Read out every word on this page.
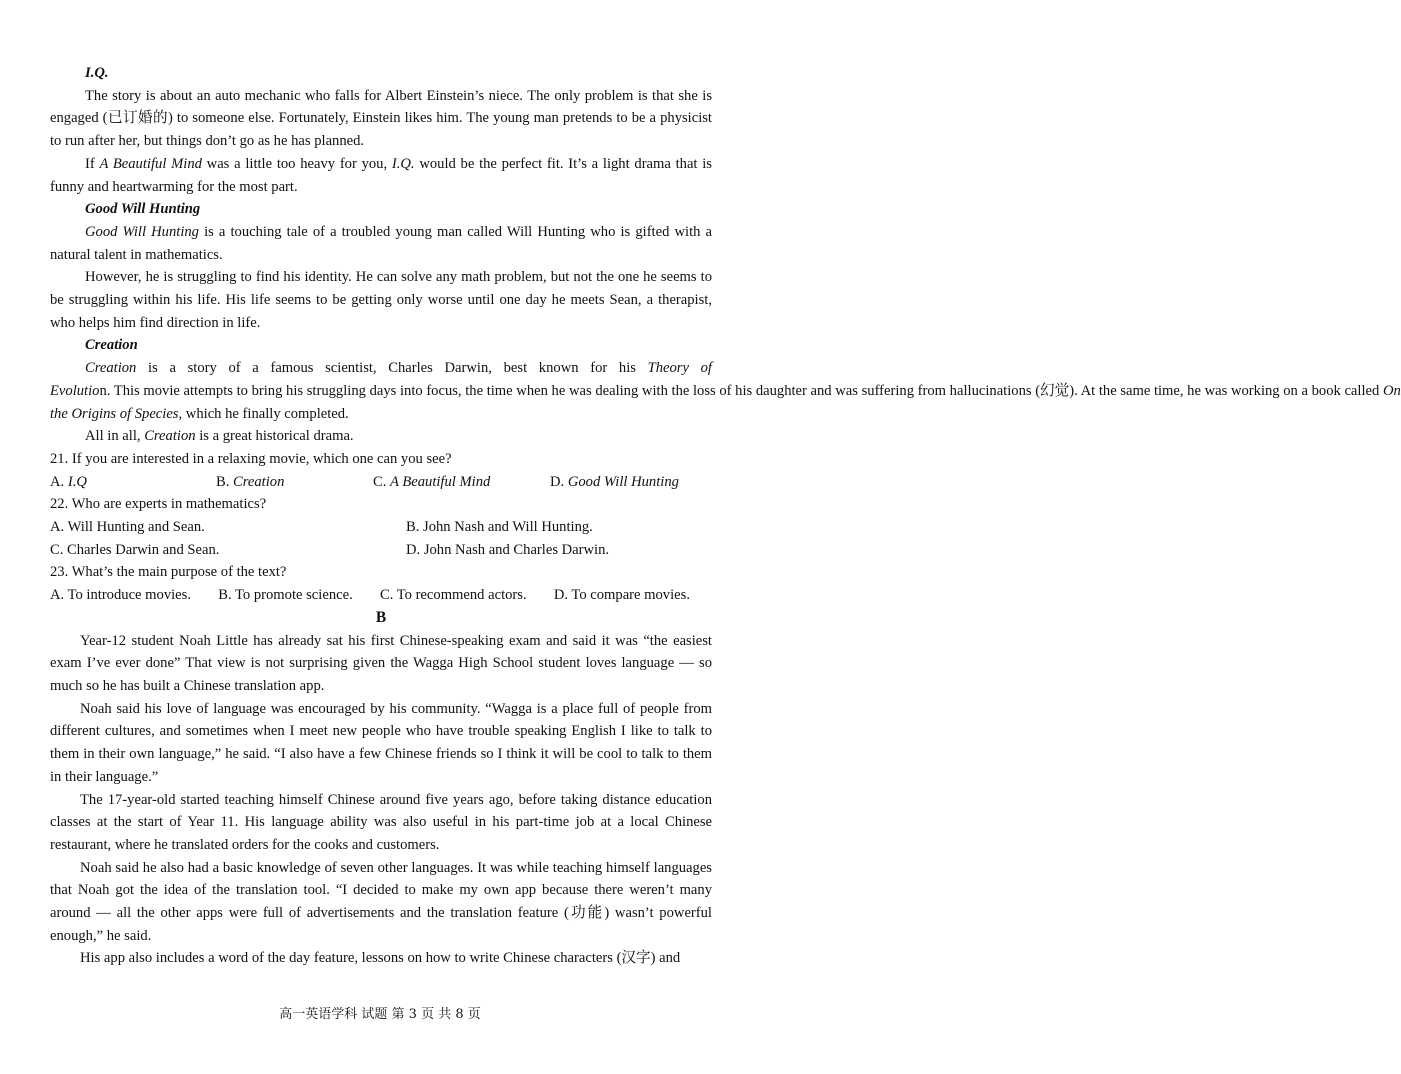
I.Q.

The story is about an auto mechanic who falls for Albert Einstein’s niece. The only problem is that she is engaged (已订婚的) to someone else. Fortunately, Einstein likes him. The young man pretends to be a physicist to run after her, but things don’t go as he has planned.

If A Beautiful Mind was a little too heavy for you, I.Q. would be the perfect fit. It’s a light drama that is funny and heartwarming for the most part.

Good Will Hunting

Good Will Hunting is a touching tale of a troubled young man called Will Hunting who is gifted with a natural talent in mathematics.

However, he is struggling to find his identity. He can solve any math problem, but not the one he seems to be struggling within his life. His life seems to be getting only worse until one day he meets Sean, a therapist, who helps him find direction in life.

Creation

Creation is a story of a famous scientist, Charles Darwin, best known for his Theory of Evolution. This movie attempts to bring his struggling days into focus, the time when he was dealing with the loss of his daughter and was suffering from hallucinations (幻觉). At the same time, he was working on a book called On the Origins of Species, which he finally completed.

All in all, Creation is a great historical drama.

21. If you are interested in a relaxing movie, which one can you see?

A. I.Q	B. Creation	C. A Beautiful Mind	D. Good Will Hunting

22. Who are experts in mathematics?

A. Will Hunting and Sean.	B. John Nash and Will Hunting.
C. Charles Darwin and Sean.	D. John Nash and Charles Darwin.

23. What’s the main purpose of the text?

A. To introduce movies. B. To promote science. C. To recommend actors. D. To compare movies.

B

Year-12 student Noah Little has already sat his first Chinese-speaking exam and said it was “the easiest exam I’ve ever done” That view is not surprising given the Wagga High School student loves language — so much so he has built a Chinese translation app.

Noah said his love of language was encouraged by his community. “Wagga is a place full of people from different cultures, and sometimes when I meet new people who have trouble speaking English I like to talk to them in their own language,” he said. “I also have a few Chinese friends so I think it will be cool to talk to them in their language.”

The 17-year-old started teaching himself Chinese around five years ago, before taking distance education classes at the start of Year 11. His language ability was also useful in his part-time job at a local Chinese restaurant, where he translated orders for the cooks and customers.

Noah said he also had a basic knowledge of seven other languages. It was while teaching himself languages that Noah got the idea of the translation tool. “I decided to make my own app because there weren’t many around — all the other apps were full of advertisements and the translation feature (功能) wasn’t powerful enough,” he said.

His app also includes a word of the day feature, lessons on how to write Chinese characters (汉字) and

高一英语学科 试题 第 3 页 共 8 页
